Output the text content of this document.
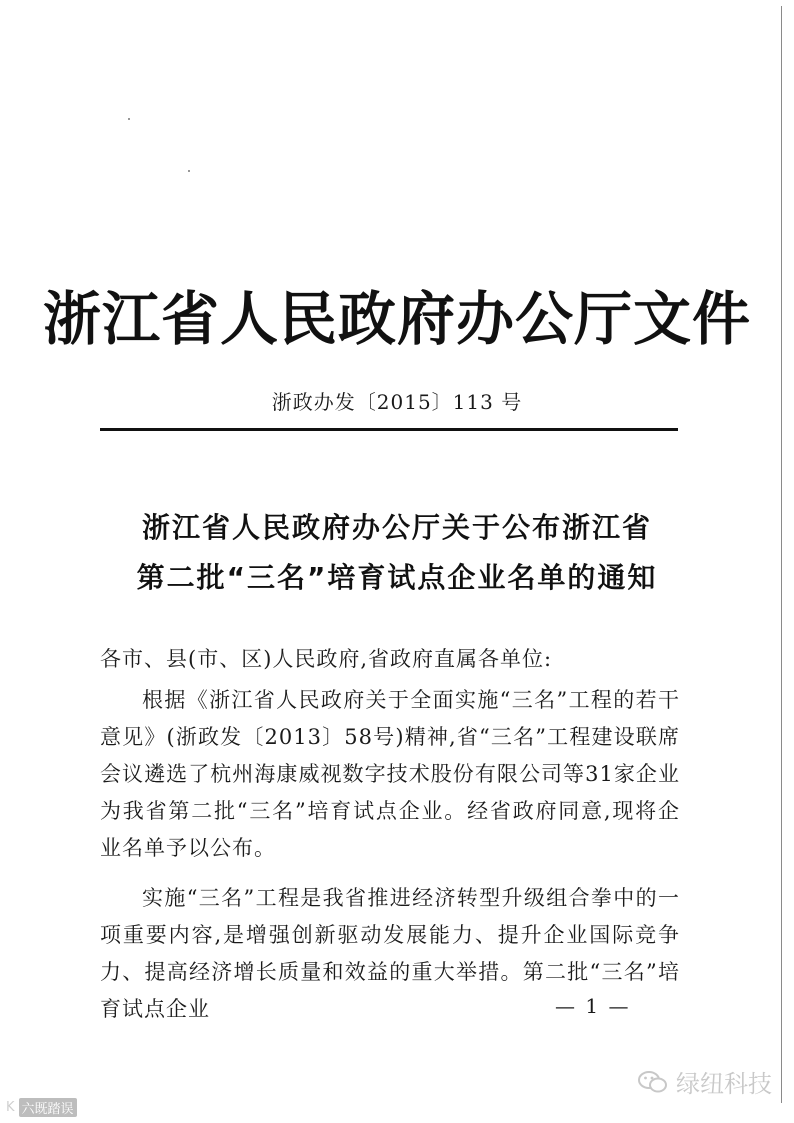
浙江省人民政府办公厅文件
浙政办发〔2015〕113 号
浙江省人民政府办公厅关于公布浙江省
第二批“三名”培育试点企业名单的通知
各市、县(市、区)人民政府,省政府直属各单位:
根据《浙江省人民政府关于全面实施“三名”工程的若干意见》(浙政发〔2013〕58号)精神,省“三名”工程建设联席会议遴选了杭州海康威视数字技术股份有限公司等31家企业为我省第二批“三名”培育试点企业。经省政府同意,现将企业名单予以公布。
实施“三名”工程是我省推进经济转型升级组合拳中的一项重要内容,是增强创新驱动发展能力、提升企业国际竞争力、提高经济增长质量和效益的重大举措。第二批“三名”培育试点企业	— 1 —
绿纽科技
K 六既踏误
